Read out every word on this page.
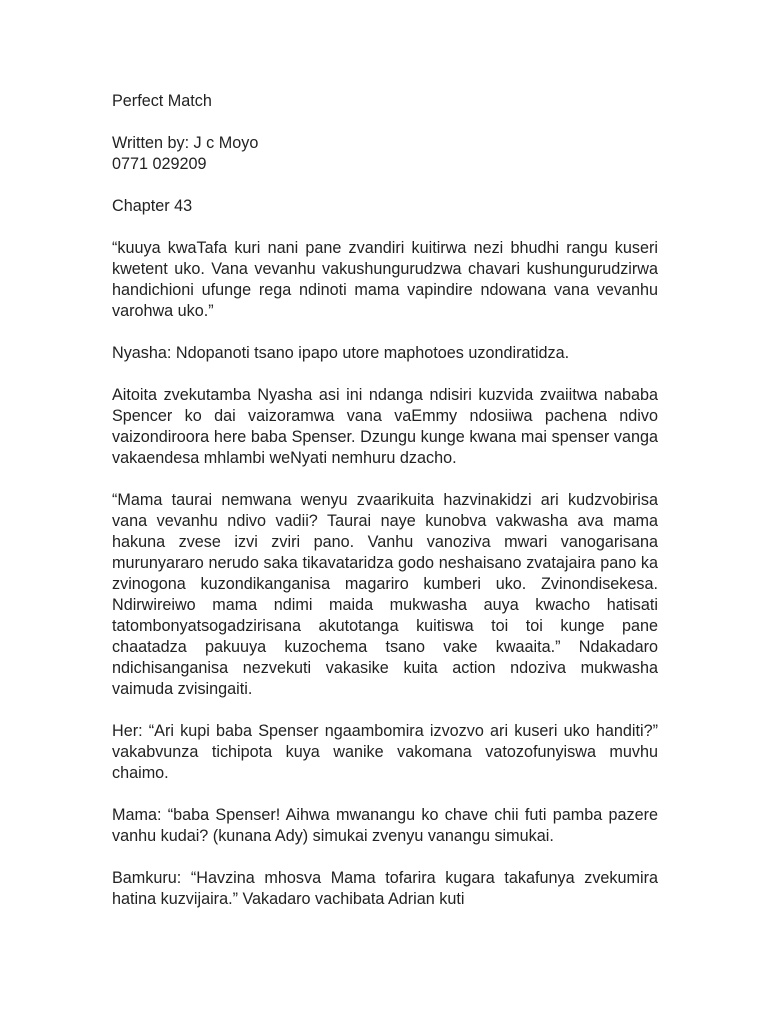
Perfect Match
Written by: J c Moyo
0771 029209
Chapter 43

“kuuya kwaTafa kuri nani pane zvandiri kuitirwa nezi bhudhi rangu kuseri kwetent uko. Vana vevanhu vakushungurudzwa chavari kushungurudzirwa handichioni ufunge rega ndinoti mama vapindire ndowana vana vevanhu varohwa uko.”

Nyasha: Ndopanoti tsano ipapo utore maphotoes uzondiratidza.

Aitoita zvekutamba Nyasha asi ini ndanga ndisiri kuzvida zvaiitwa nababa Spencer ko dai vaizoramwa vana vaEmmy ndosiiwa pachena ndivo vaizondiroora here baba Spenser. Dzungu kunge kwana mai spenser vanga vakaendesa mhlambi weNyati nemhuru dzacho.

“Mama taurai nemwana wenyu zvaarikuita hazvinakidzi ari kudzvobirisa vana vevanhu ndivo vadii? Taurai naye kunobva vakwasha ava mama hakuna zvese izvi zviri pano. Vanhu vanoziva mwari vanogarisana murunyararo nerudo saka tikavataridza godo neshaisano zvatajaira pano ka zvinogona kuzondikanganisa magariro kumberi uko. Zvinondisekesa. Ndirwireiwo mama ndimi maida mukwasha auya kwacho hatisati tatombonyatsogadzirisana akutotanga kuitiswa toi toi kunge pane chaatadza pakuuya kuzochema tsano vake kwaaita.” Ndakadaro ndichisanganisa nezvekuti vakasike kuita action ndoziva mukwasha vaimuda zvisingaiti.

Her: “Ari kupi baba Spenser ngaambomira izvozvo ari kuseri uko handiti?” vakabvunza tichipota kuya wanike vakomana vatozofunyiswa muvhu chaimo.

Mama: “baba Spenser! Aihwa mwanangu ko chave chii futi pamba pazere vanhu kudai? (kunana Ady) simukai zvenyu vanangu simukai.

Bamkuru: “Havzina mhosva Mama tofarira kugara takafunya zvekumira hatina kuzvijaira.” Vakadaro vachibata Adrian kuti
